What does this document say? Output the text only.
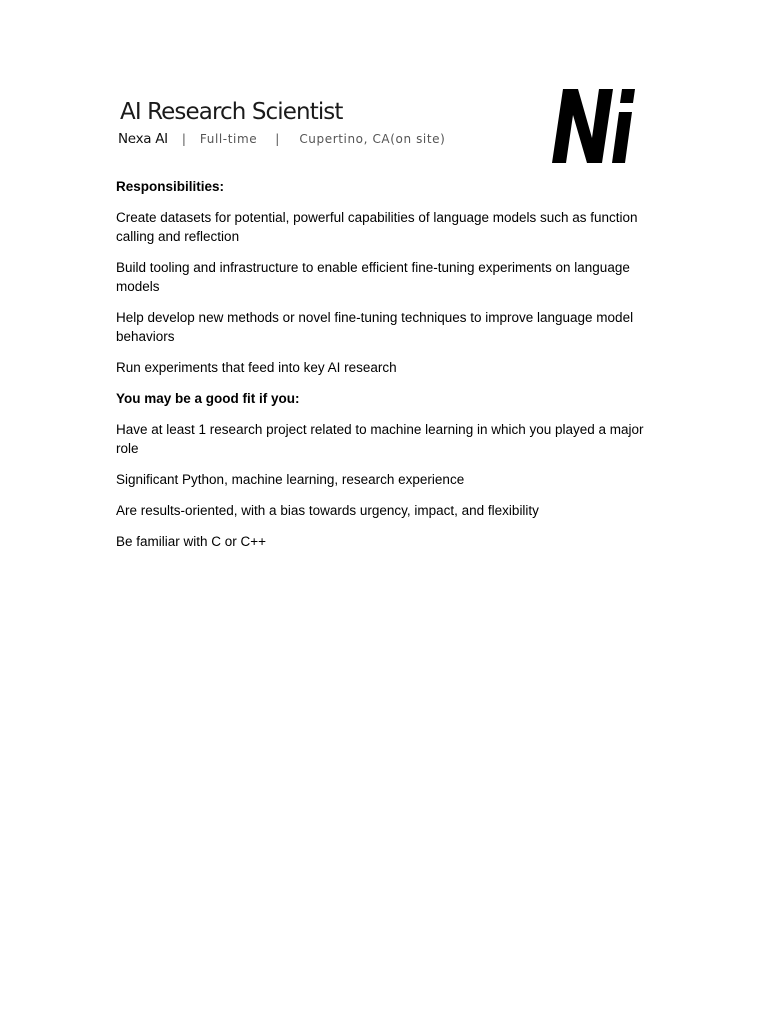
AI Research Scientist
Nexa AI | Full-time | Cupertino, CA(on site)

Responsibilities:

Create datasets for potential, powerful capabilities of language models such as function calling and reflection

Build tooling and infrastructure to enable efficient fine-tuning experiments on language models

Help develop new methods or novel fine-tuning techniques to improve language model behaviors

Run experiments that feed into key AI research

You may be a good fit if you:

Have at least 1 research project related to machine learning in which you played a major role

Significant Python, machine learning, research experience

Are results-oriented, with a bias towards urgency, impact, and flexibility

Be familiar with C or C++
